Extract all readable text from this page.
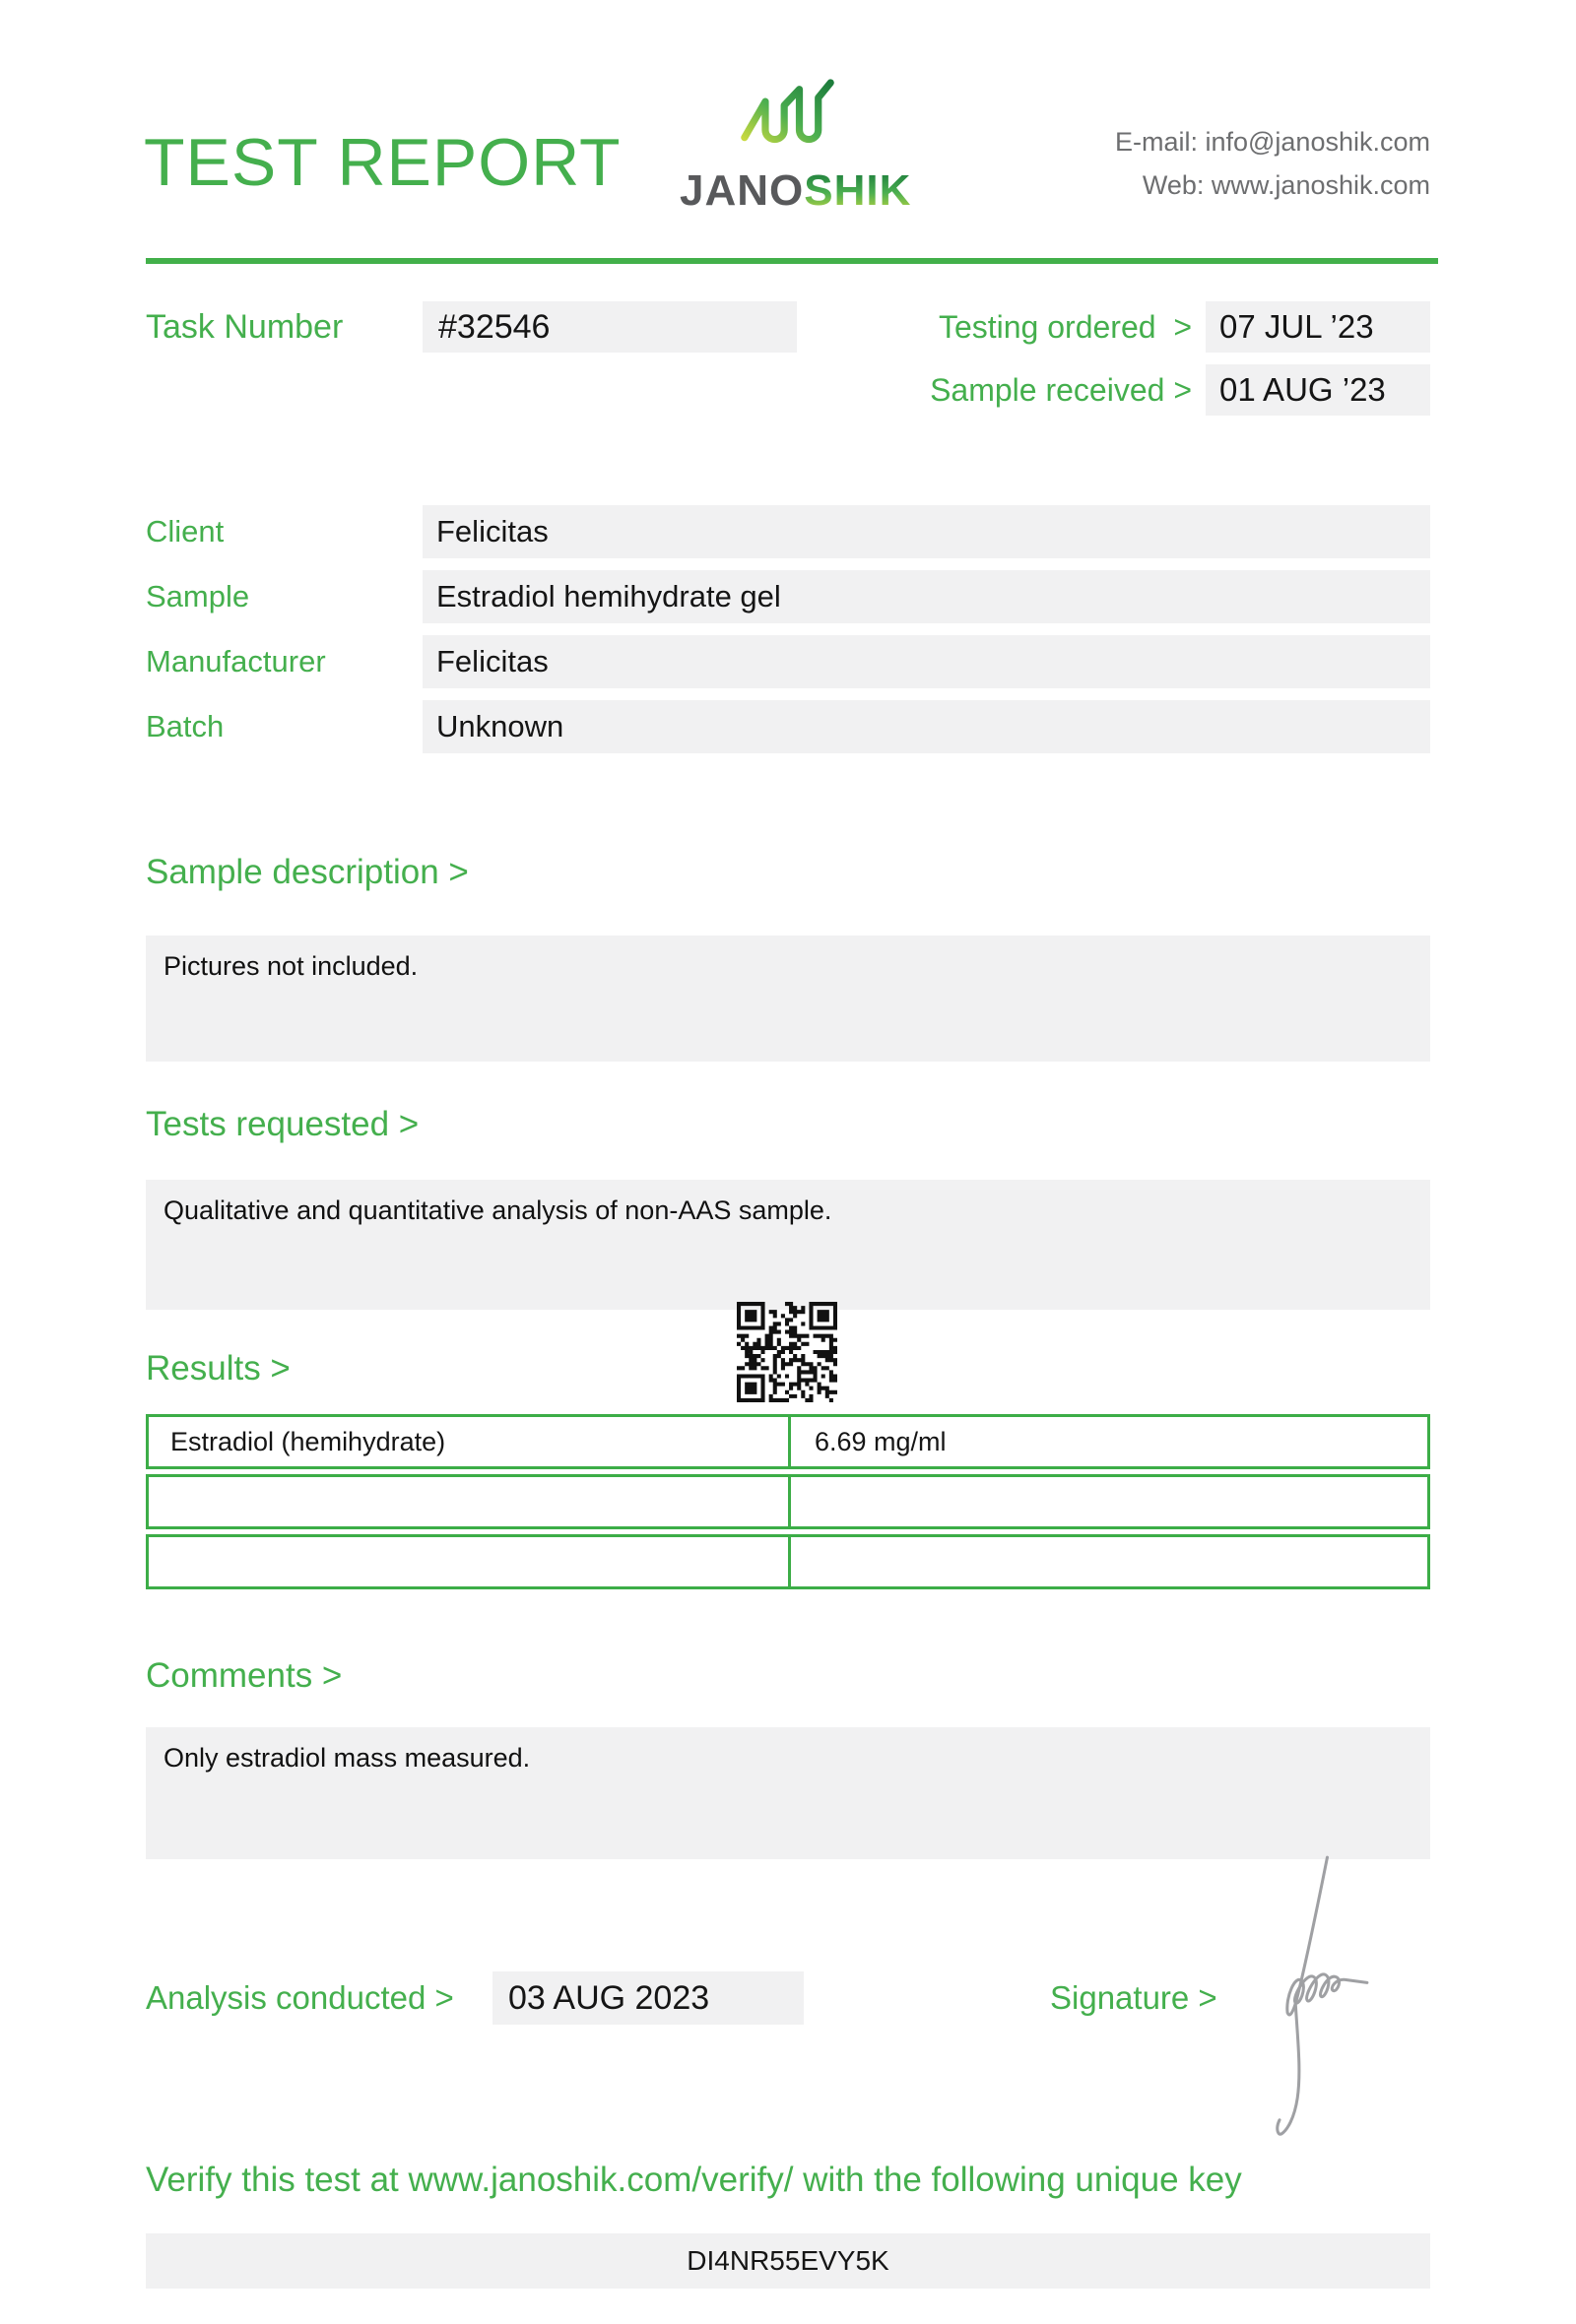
TEST REPORT JANOSHIK
E-mail: info@janoshik.com
Web: www.janoshik.com
Task Number	#32546	Testing ordered  > 07 JUL ’23
Sample received > 01 AUG ’23
Client	Felicitas
Sample	Estradiol hemihydrate gel
Manufacturer	Felicitas
Batch	Unknown
Sample description >
Pictures not included.
Tests requested >
Qualitative and quantitative analysis of non-AAS sample.
Results >
Estradiol (hemihydrate)	6.69 mg/ml
Comments >
Only estradiol mass measured.
Analysis conducted >	03 AUG 2023	Signature >
Verify this test at www.janoshik.com/verify/ with the following unique key
DI4NR55EVY5K
